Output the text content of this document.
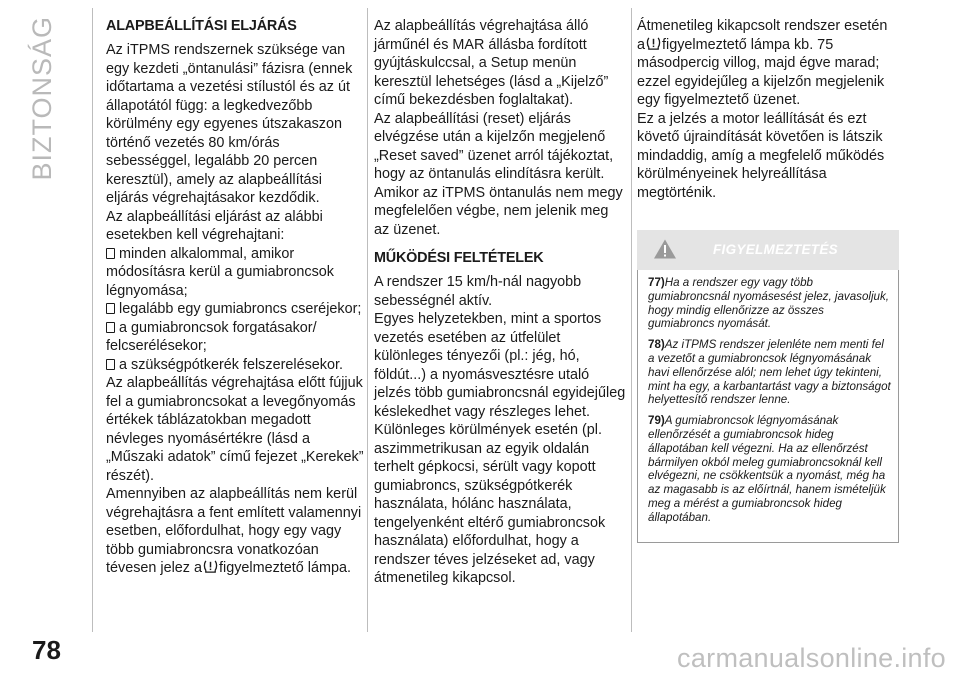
BIZTONSÁG	ALAPBEÁLLÍTÁSI ELJÁRÁS

Az iTPMS rendszernek szüksége van egy kezdeti „öntanulási” fázisra (ennek időtartama a vezetési stílustól és az út állapotától függ: a legkedvezőbb körülmény egy egyenes útszakaszon történő vezetés 80 km/órás sebességgel, legalább 20 percen keresztül), amely az alapbeállítási eljárás végrehajtásakor kezdődik.

Az alapbeállítási eljárást az alábbi esetekben kell végrehajtani:

minden alkalommal, amikor módosításra kerül a gumiabroncsok légnyomása;

legalább egy gumiabroncs cseréjekor;

a gumiabroncsok forgatásakor/ felcserélésekor;

a szükségpótkerék felszerelésekor.

Az alapbeállítás végrehajtása előtt fújjuk fel a gumiabroncsokat a levegőnyomás értékek táblázatokban megadott névleges nyomásértékre (lásd a „Műszaki adatok” című fejezet „Kerekek” részét).

Amennyiben az alapbeállítás nem kerül végrehajtásra a fent említett valamennyi esetben, előfordulhat, hogy egy vagy több gumiabroncsra vonatkozóan tévesen jelez a figyelmeztető lámpa.

Az alapbeállítás végrehajtása álló járműnél és MAR állásba fordított gyújtáskulccsal, a Setup menün keresztül lehetséges (lásd a „Kijelző” című bekezdésben foglaltakat).

Az alapbeállítási (reset) eljárás elvégzése után a kijelzőn megjelenő „Reset saved” üzenet arról tájékoztat, hogy az öntanulás elindításra került.

Amikor az iTPMS öntanulás nem megy megfelelően végbe, nem jelenik meg az üzenet.

MŰKÖDÉSI FELTÉTELEK

A rendszer 15 km/h-nál nagyobb sebességnél aktív.

Egyes helyzetekben, mint a sportos vezetés esetében az útfelület különleges tényezői (pl.: jég, hó, földút...) a nyomásvesztésre utaló jelzés több gumiabroncsnál egyidejűleg késlekedhet vagy részleges lehet.

Különleges körülmények esetén (pl. aszimmetrikusan az egyik oldalán terhelt gépkocsi, sérült vagy kopott gumiabroncs, szükségpótkerék használata, hólánc használata, tengelyenként eltérő gumiabroncsok használata) előfordulhat, hogy a rendszer téves jelzéseket ad, vagy átmenetileg kikapcsol.

Átmenetileg kikapcsolt rendszer esetén a figyelmeztető lámpa kb. 75 másodpercig villog, majd égve marad; ezzel egyidejűleg a kijelzőn megjelenik egy figyelmeztető üzenet.

Ez a jelzés a motor leállítását és ezt követő újraindítását követően is látszik mindaddig, amíg a megfelelő működés körülményeinek helyreállítása megtörténik.

FIGYELMEZTETÉS

77)Ha a rendszer egy vagy több gumiabroncsnál nyomásesést jelez, javasoljuk, hogy mindig ellenőrizze az összes gumiabroncs nyomását.

78)Az iTPMS rendszer jelenléte nem menti fel a vezetőt a gumiabroncsok légnyomásának havi ellenőrzése alól; nem lehet úgy tekinteni, mint ha egy, a karbantartást vagy a biztonságot helyettesítő rendszer lenne.

79)A gumiabroncsok légnyomásának ellenőrzését a gumiabroncsok hideg állapotában kell végezni. Ha az ellenőrzést bármilyen okból meleg gumiabroncsoknál kell elvégezni, ne csökkentsük a nyomást, még ha az magasabb is az előírtnál, hanem ismételjük meg a mérést a gumiabroncsok hideg állapotában.

78	carmanualsonline.info
